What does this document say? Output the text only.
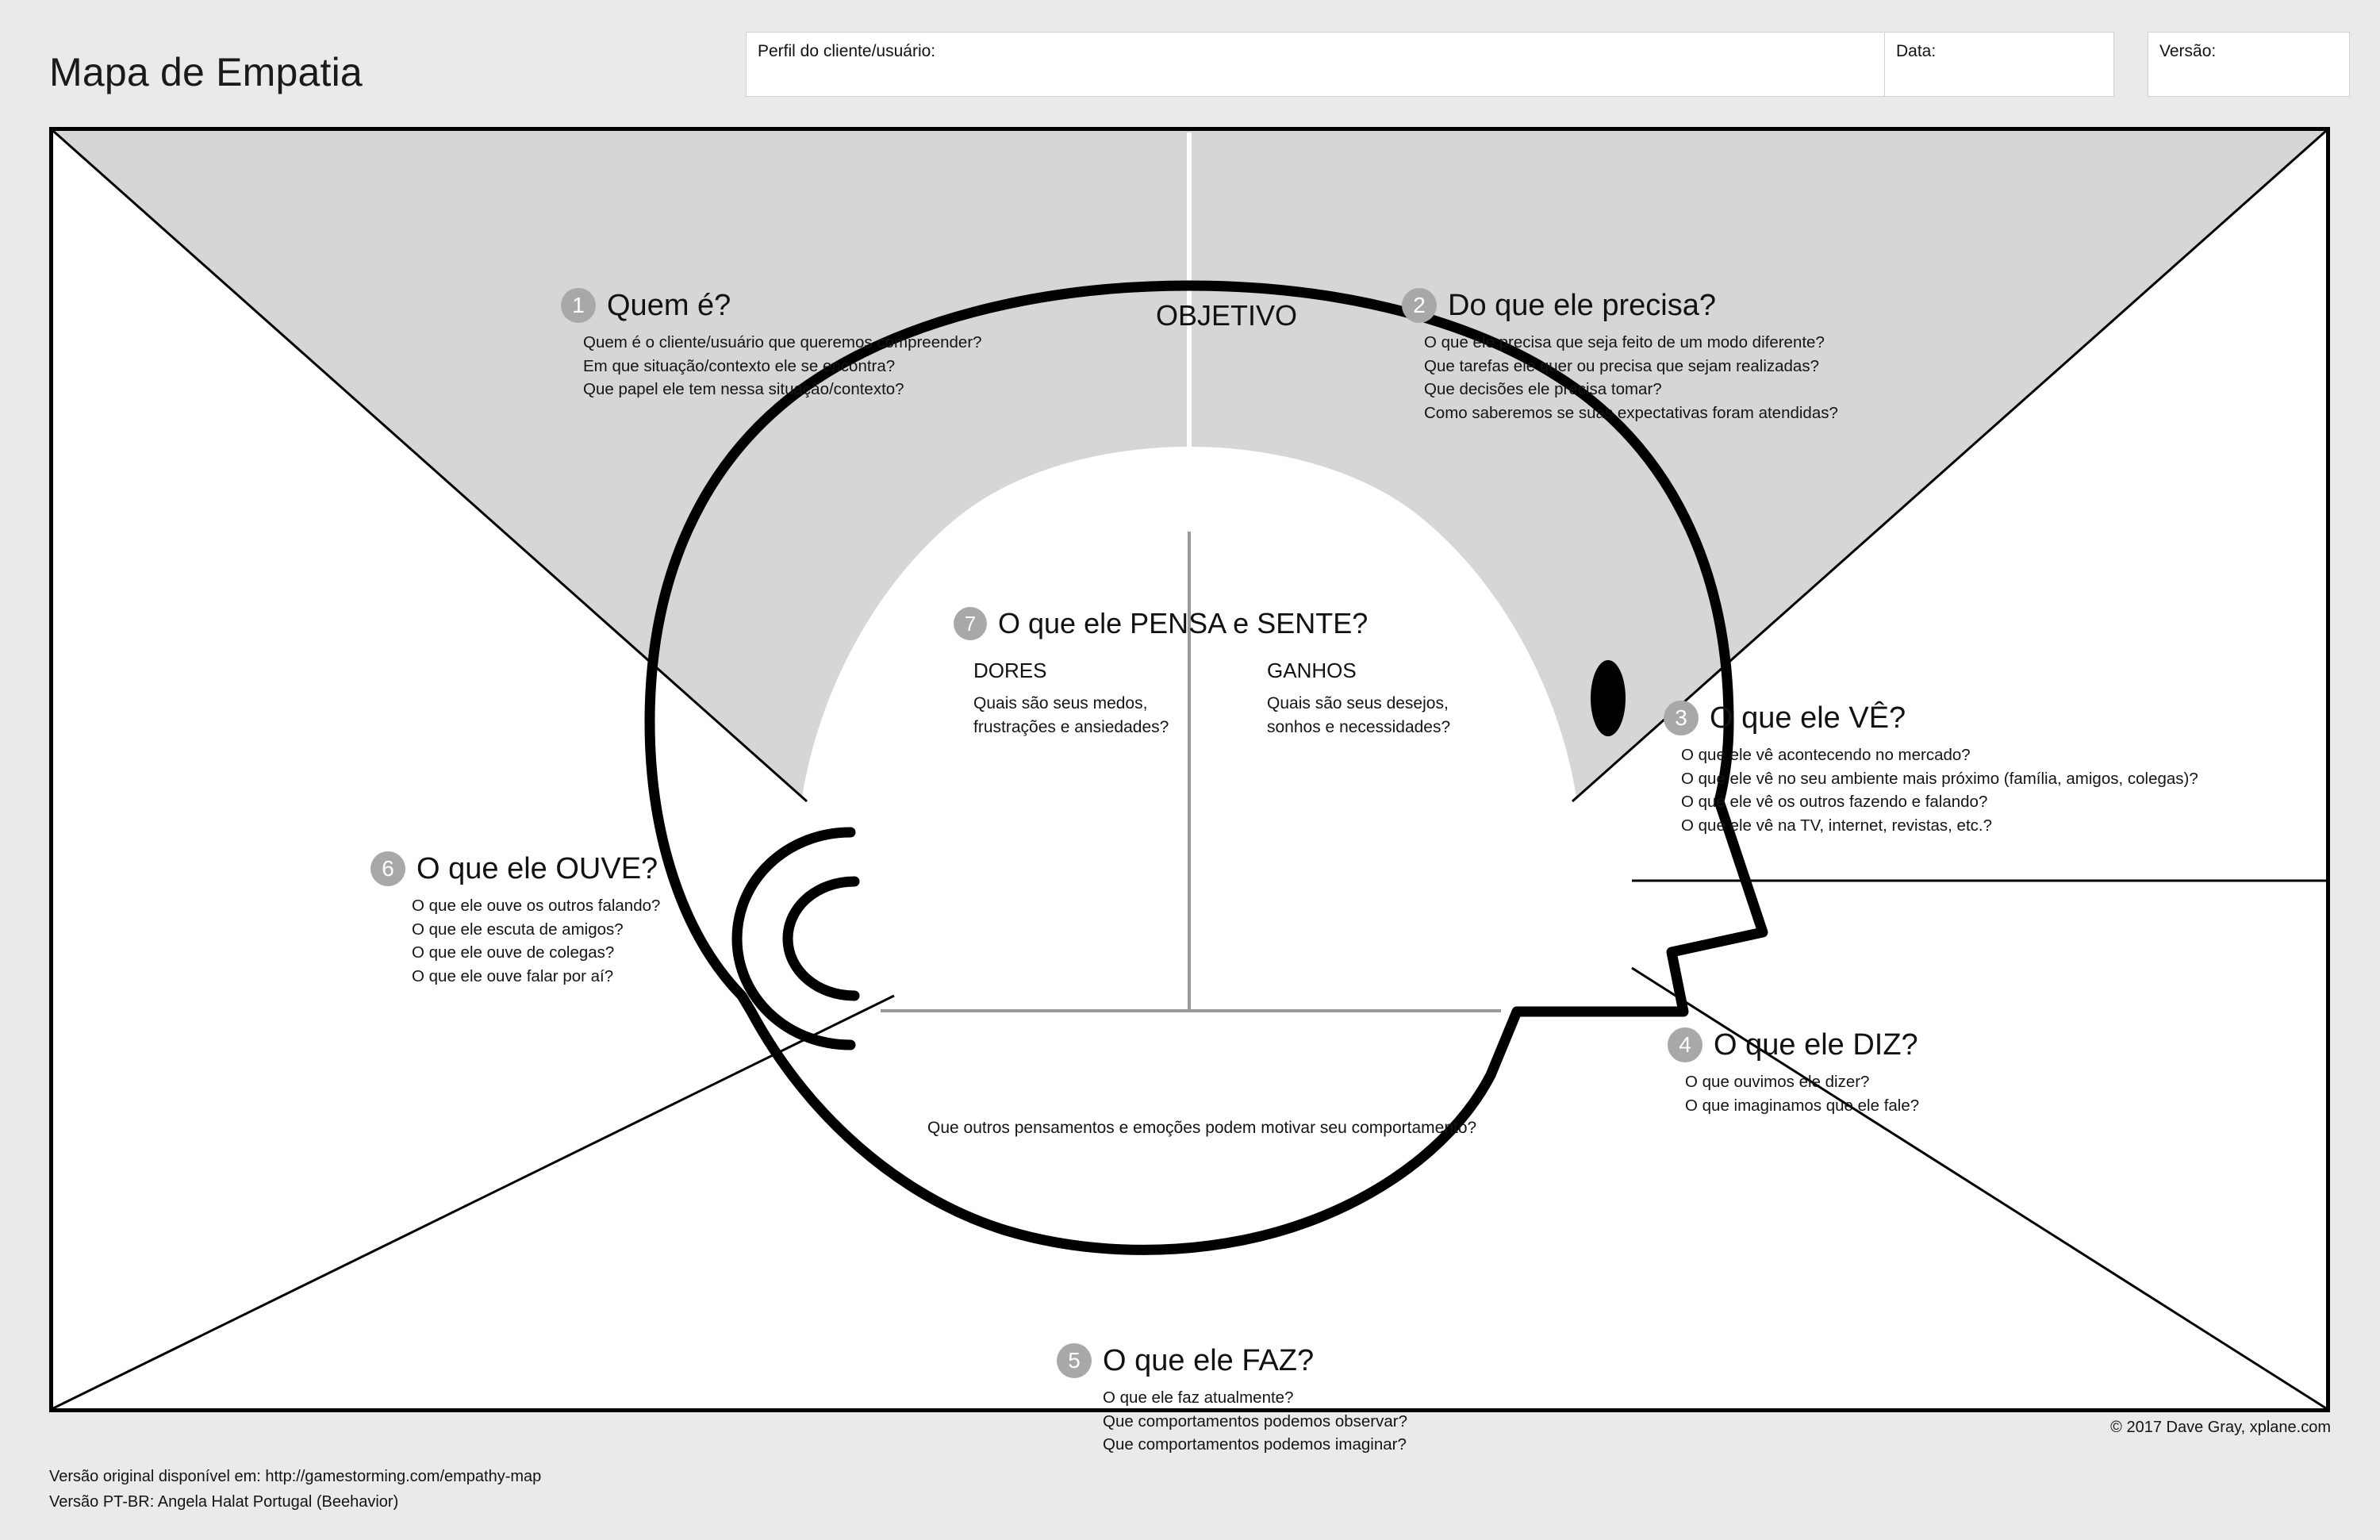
Mapa de Empatia	Perfil do cliente/usuário:	Data:	Versão:
OBJETIVO
1 Quem é?
Quem é o cliente/usuário que queremos compreender?
Em que situação/contexto ele se encontra?
Que papel ele tem nessa situação/contexto?
2 Do que ele precisa?
O que ele precisa que seja feito de um modo diferente?
Que tarefas ele quer ou precisa que sejam realizadas?
Que decisões ele precisa tomar?
Como saberemos se suas expectativas foram atendidas?
7 O que ele PENSA e SENTE?
DORES
Quais são seus medos,
frustrações e ansiedades?
GANHOS
Quais são seus desejos,
sonhos e necessidades?
Que outros pensamentos e emoções podem motivar seu comportamento?
3 O que ele VÊ?
O que ele vê acontecendo no mercado?
O que ele vê no seu ambiente mais próximo (família, amigos, colegas)?
O que ele vê os outros fazendo e falando?
O que ele vê na TV, internet, revistas, etc.?
6 O que ele OUVE?
O que ele ouve os outros falando?
O que ele escuta de amigos?
O que ele ouve de colegas?
O que ele ouve falar por aí?
4 O que ele DIZ?
O que ouvimos ele dizer?
O que imaginamos que ele fale?
5 O que ele FAZ?
O que ele faz atualmente?
Que comportamentos podemos observar?
Que comportamentos podemos imaginar?
© 2017 Dave Gray, xplane.com
Versão original disponível em: http://gamestorming.com/empathy-map
Versão PT-BR: Angela Halat Portugal (Beehavior)
